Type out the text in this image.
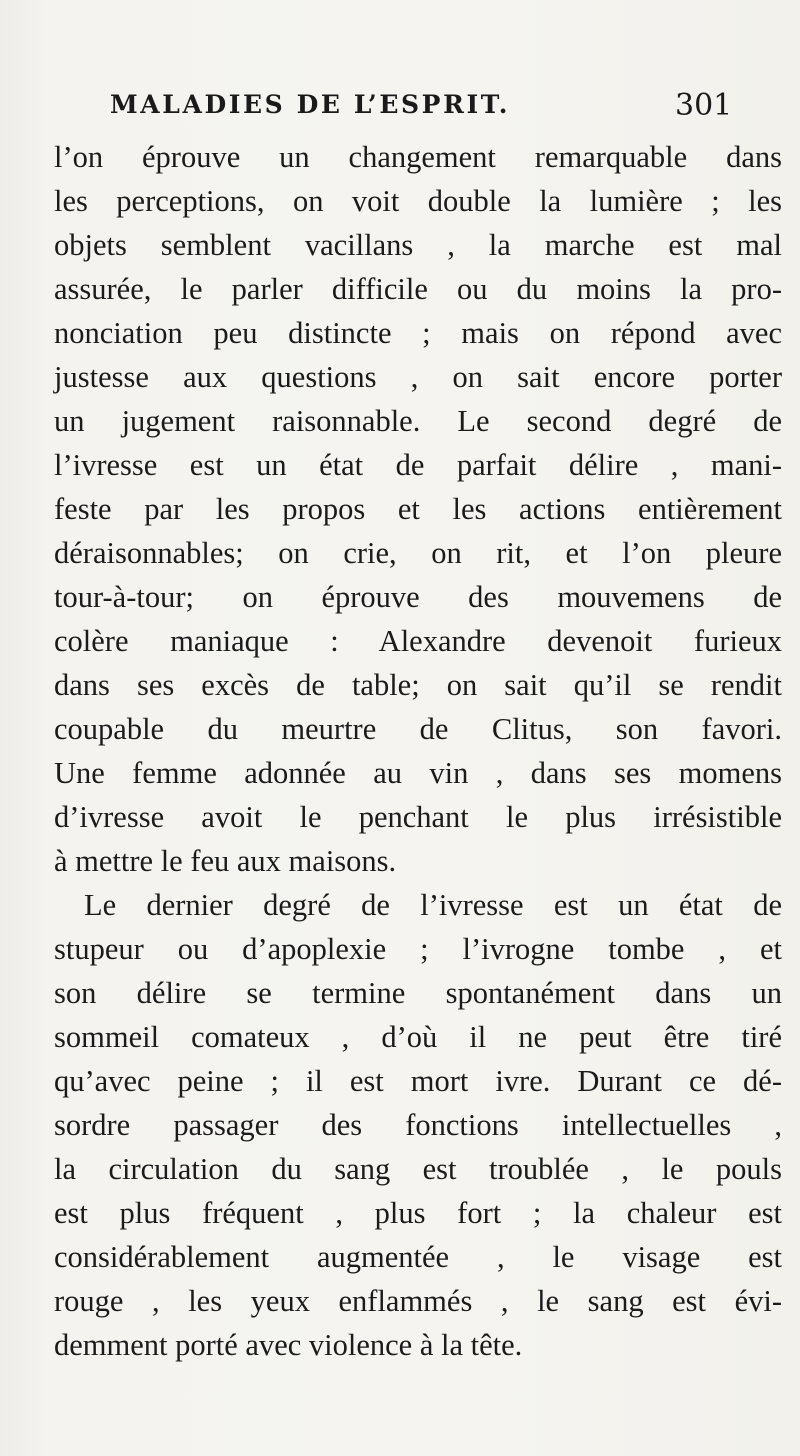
MALADIES DE L’ESPRIT.	301
l’on éprouve un changement remarquable dans
les perceptions, on voit double la lumière ; les
objets semblent vacillans , la marche est mal
assurée, le parler difficile ou du moins la pro-
nonciation peu distincte ; mais on répond avec
justesse aux questions , on sait encore porter
un jugement raisonnable. Le second degré de
l’ivresse est un état de parfait délire , mani-
feste par les propos et les actions entièrement
déraisonnables; on crie, on rit, et l’on pleure
tour-à-tour; on éprouve des mouvemens de
colère maniaque : Alexandre devenoit furieux
dans ses excès de table; on sait qu’il se rendit
coupable du meurtre de Clitus, son favori.
Une femme adonnée au vin , dans ses momens
d’ivresse avoit le penchant le plus irrésistible
à mettre le feu aux maisons.
Le dernier degré de l’ivresse est un état de
stupeur ou d’apoplexie ; l’ivrogne tombe , et
son délire se termine spontanément dans un
sommeil comateux , d’où il ne peut être tiré
qu’avec peine ; il est mort ivre. Durant ce dé-
sordre passager des fonctions intellectuelles ,
la circulation du sang est troublée , le pouls
est plus fréquent , plus fort ; la chaleur est
considérablement augmentée , le visage est
rouge , les yeux enflammés , le sang est évi-
demment porté avec violence à la tête.
